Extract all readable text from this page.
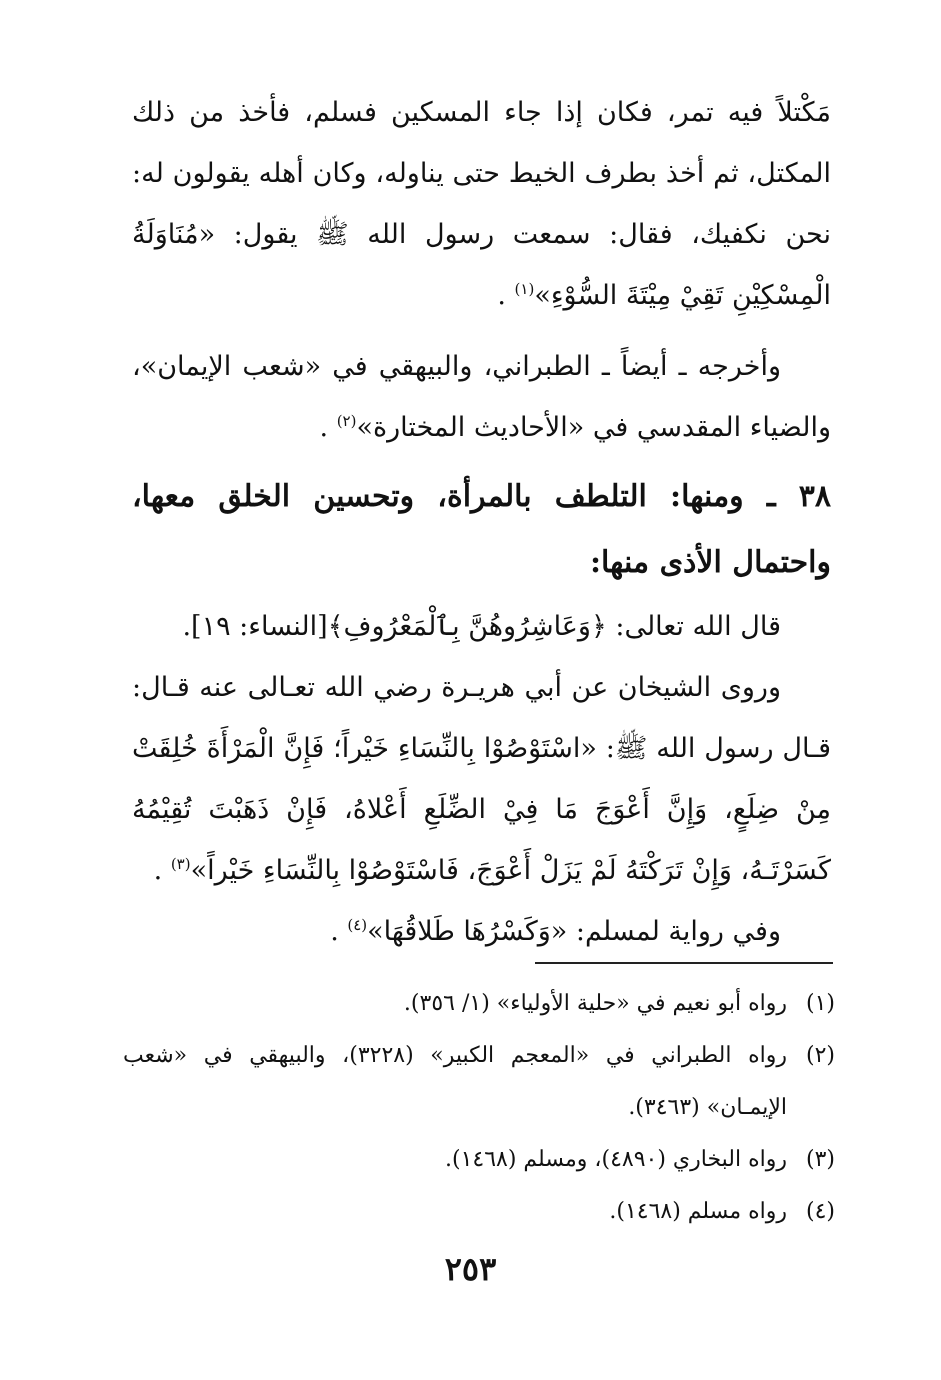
مَكْتلاً فيه تمر، فكان إذا جاء المسكين فسلم، فأخذ من ذلك المكتل، ثم أخذ بطرف الخيط حتى يناوله، وكان أهله يقولون له: نحن نكفيك، فقال: سمعت رسول الله ﷺ يقول: «مُنَاوَلَةُ الْمِسْكِيْنِ تَقِيْ مِيْتَةَ السُّوْءِ»$^{(١)}$ .

وأخرجه ـ أيضاً ـ الطبراني، والبيهقي في «شعب الإيمان»، والضياء المقدسي في «الأحاديث المختارة»$^{(٢)}$ .

٣٨ ـ ومنها: التلطف بالمرأة، وتحسين الخلق معها، واحتمال الأذى منها:

قال الله تعالى: ﴿وَعَاشِرُوهُنَّ بِٱلْمَعْرُوفِ﴾[النساء: ١٩].

وروى الشيخان عن أبي هريـرة رضي الله تعـالى عنه قـال: قـال رسول الله ﷺ: «اسْتَوْصُوْا بِالنِّسَاءِ خَيْراً؛ فَإِنَّ الْمَرْأَةَ خُلِقَتْ مِنْ ضِلَعٍ، وَإِنَّ أَعْوَجَ مَا فِيْ الضِّلَعِ أَعْلاهُ، فَإِنْ ذَهَبْتَ تُقِيْمُهُ كَسَرْتَـهُ، وَإِنْ تَرَكْتَهُ لَمْ يَزَلْ أَعْوَجَ، فَاسْتَوْصُوْا بِالنِّسَاءِ خَيْراً»$^{(٣)}$ .

وفي رواية لمسلم: «وَكَسْرُهَا طَلاقُهَا»$^{(٤)}$ .

(١)
رواه أبو نعيم في «حلية الأولياء» (١/ ٣٥٦).
(٢)
رواه الطبراني في «المعجم الكبير» (٣٢٢٨)، والبيهقي في «شعب الإيمـان» (٣٤٦٣).
(٣)
رواه البخاري (٤٨٩٠)، ومسلم (١٤٦٨).
(٤)
رواه مسلم (١٤٦٨).
٢٥٣
